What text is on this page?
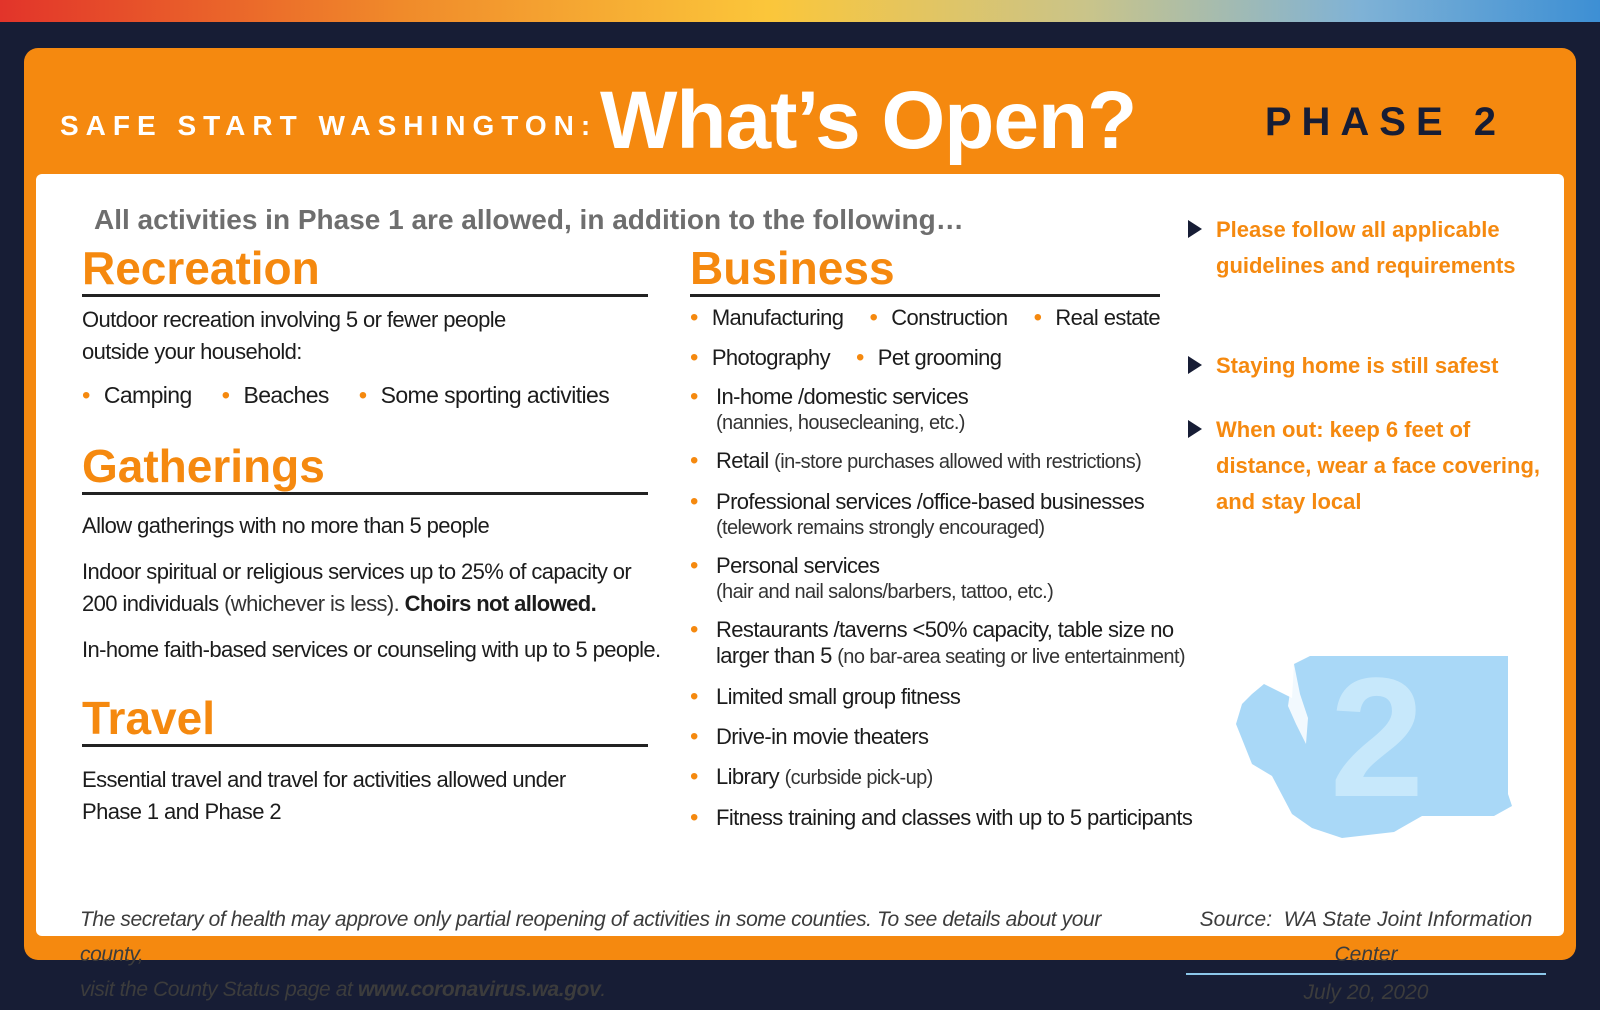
SAFE START WASHINGTON: What’s Open?	PHASE 2
All activities in Phase 1 are allowed, in addition to the following…
Recreation
Outdoor recreation involving 5 or fewer people
outside your household:
• Camping	• Beaches	• Some sporting activities
Gatherings
Allow gatherings with no more than 5 people
Indoor spiritual or religious services up to 25% of capacity or 200 individuals (whichever is less). Choirs not allowed.
In-home faith-based services or counseling with up to 5 people.
Travel
Essential travel and travel for activities allowed under
Phase 1 and Phase 2
Business
• Manufacturing	• Construction	• Real estate
• Photography	• Pet grooming
• In-home /domestic services
(nannies, housecleaning, etc.)
• Retail (in-store purchases allowed with restrictions)
• Professional services /office-based businesses
(telework remains strongly encouraged)
• Personal services
(hair and nail salons/barbers, tattoo, etc.)
• Restaurants /taverns <50% capacity, table size no
larger than 5 (no bar-area seating or live entertainment)
• Limited small group fitness
• Drive-in movie theaters
• Library (curbside pick-up)
• Fitness training and classes with up to 5 participants
Please follow all applicable guidelines and requirements
Staying home is still safest
When out: keep 6 feet of distance, wear a face covering, and stay local
2
The secretary of health may approve only partial reopening of activities in some counties. To see details about your county,
visit the County Status page at www.coronavirus.wa.gov.
Source: WA State Joint Information Center
July 20, 2020
